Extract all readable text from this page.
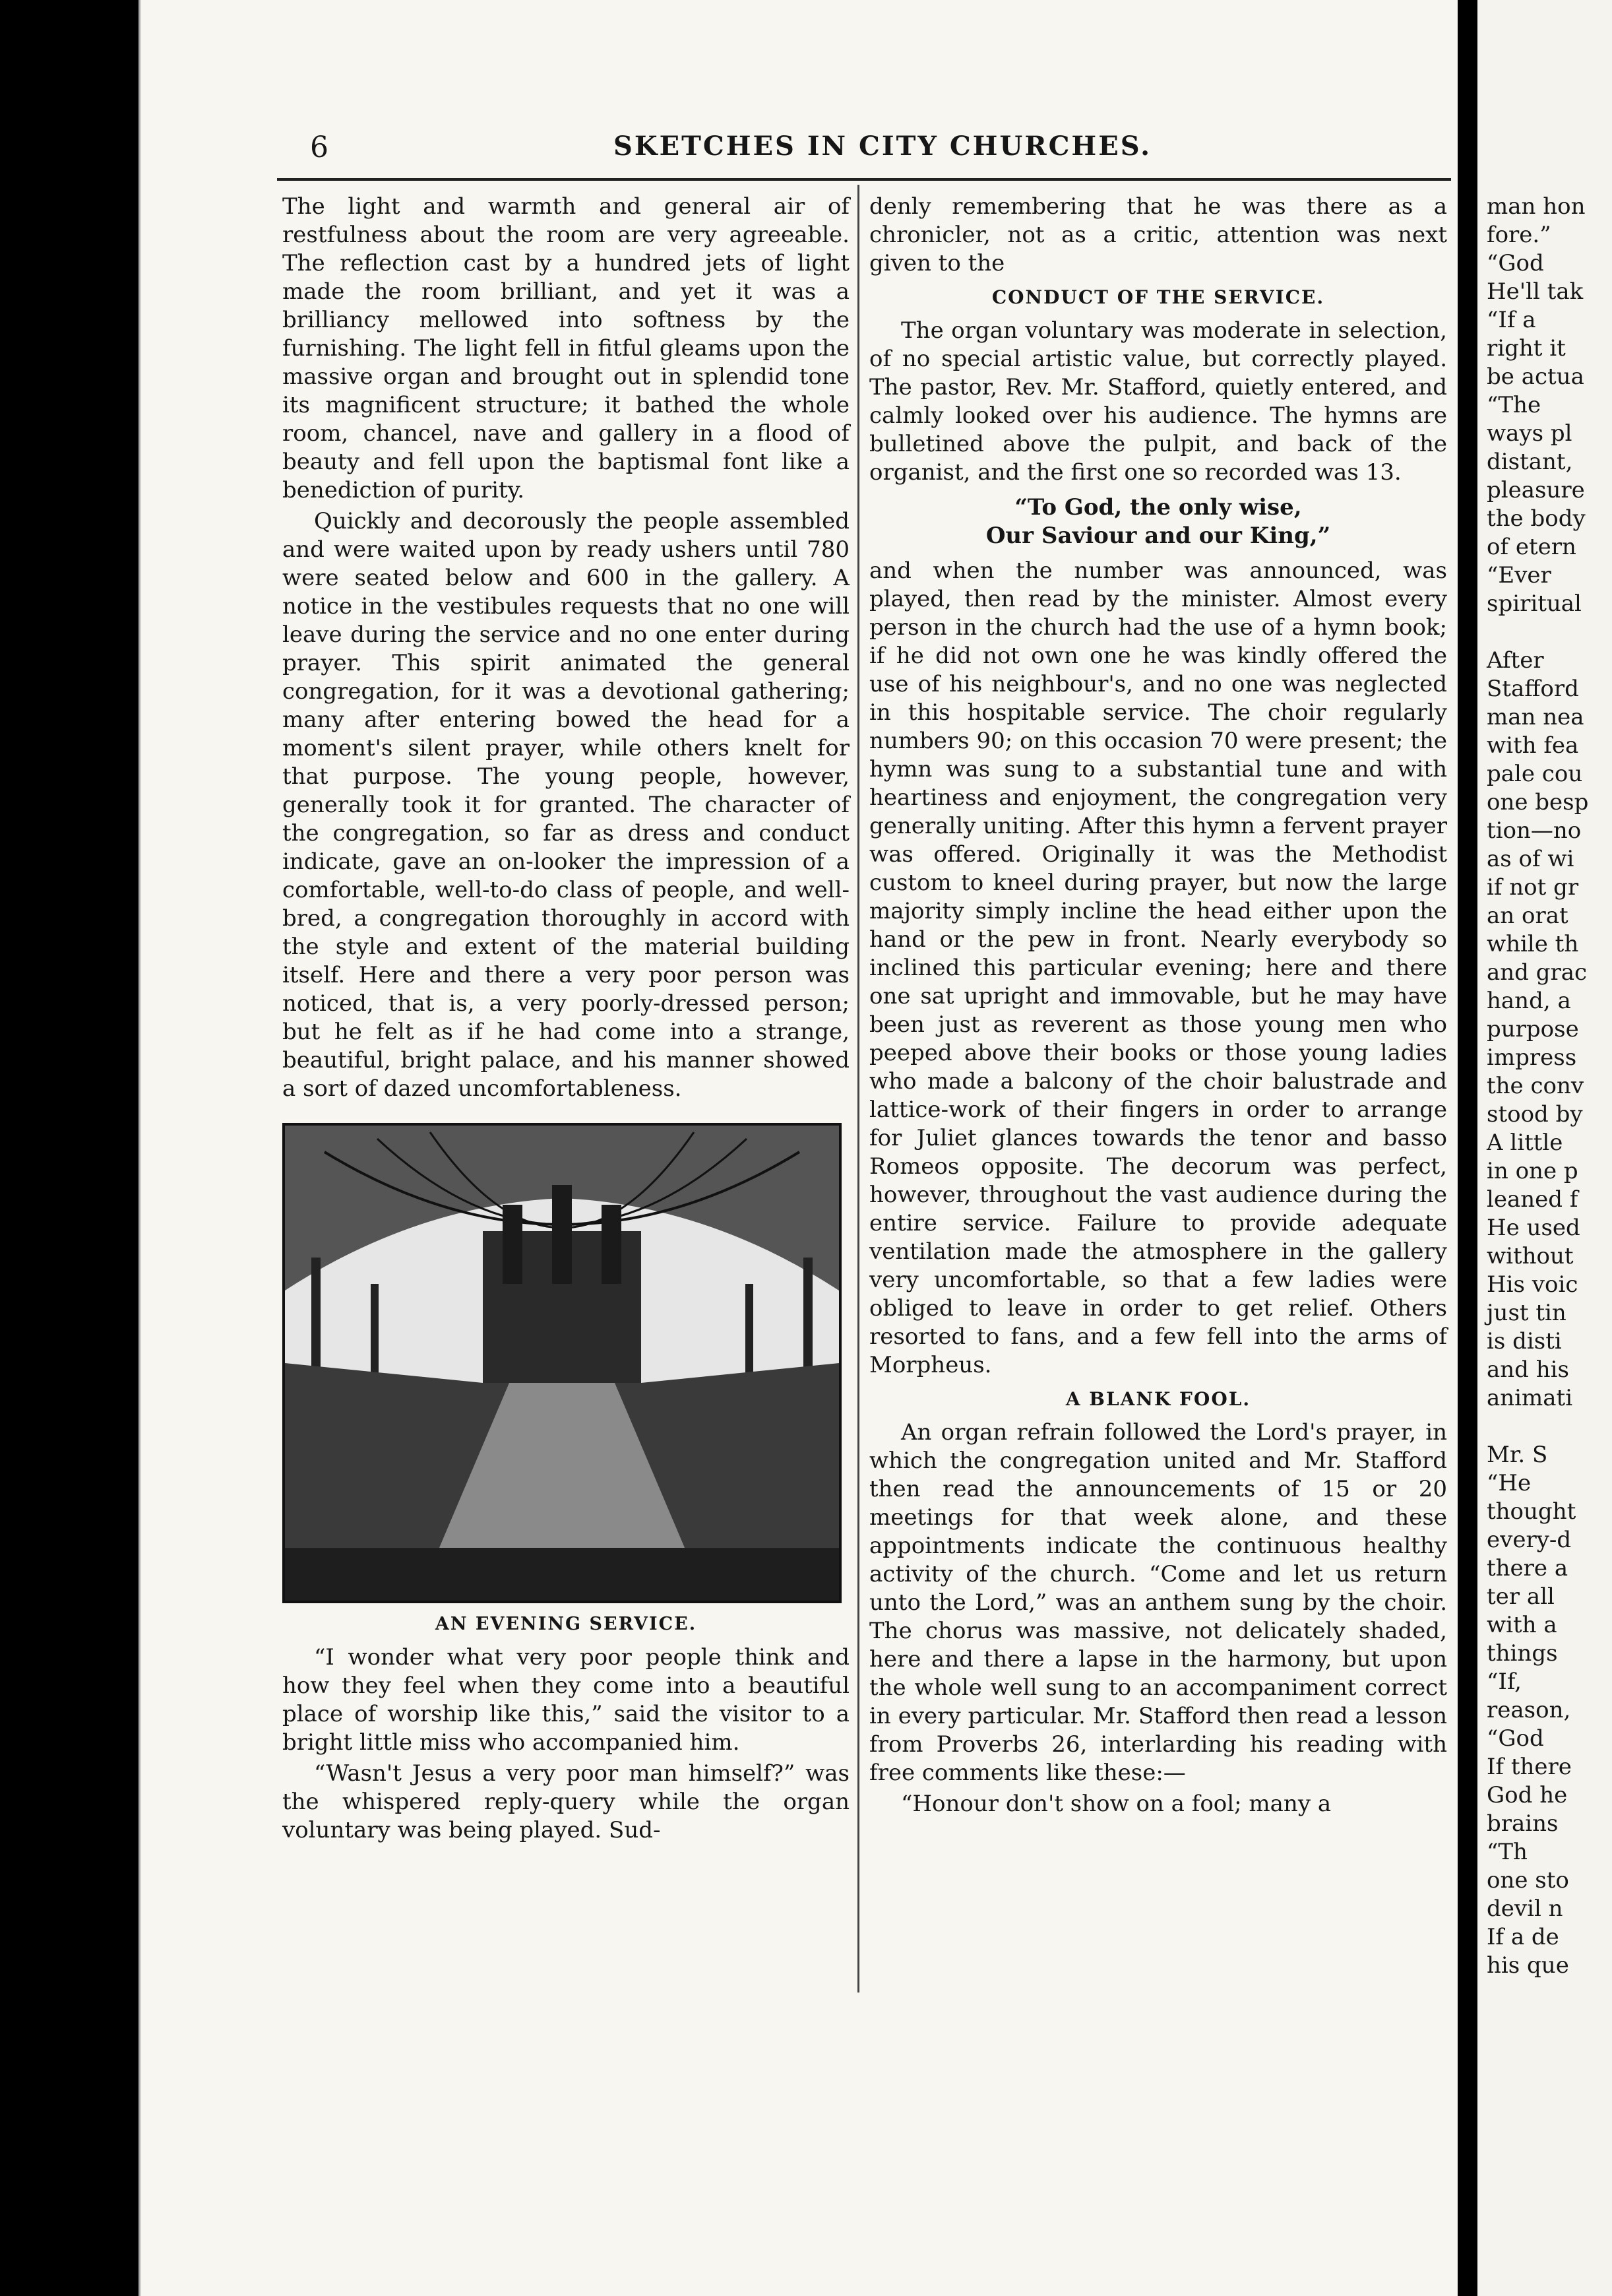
6	SKETCHES IN CITY CHURCHES.

The light and warmth and general air of restfulness about the room are very agreeable. The reflection cast by a hundred jets of light made the room brilliant, and yet it was a brilliancy mellowed into softness by the furnishing. The light fell in fitful gleams upon the massive organ and brought out in splendid tone its magnificent structure; it bathed the whole room, chancel, nave and gallery in a flood of beauty and fell upon the baptismal font like a benediction of purity.

Quickly and decorously the people assembled and were waited upon by ready ushers until 780 were seated below and 600 in the gallery. A notice in the vestibules requests that no one will leave during the service and no one enter during prayer. This spirit animated the general congregation, for it was a devotional gathering; many after entering bowed the head for a moment's silent prayer, while others knelt for that purpose. The young people, however, generally took it for granted. The character of the congregation, so far as dress and conduct indicate, gave an on-looker the impression of a comfortable, well-to-do class of people, and well-bred, a congregation thoroughly in accord with the style and extent of the material building itself. Here and there a very poor person was noticed, that is, a very poorly-dressed person; but he felt as if he had come into a strange, beautiful, bright palace, and his manner showed a sort of dazed uncomfortableness.

AN EVENING SERVICE.

“I wonder what very poor people think and how they feel when they come into a beautiful place of worship like this,” said the visitor to a bright little miss who accompanied him.

“Wasn't Jesus a very poor man himself?” was the whispered reply-query while the organ voluntary was being played. Sud-

denly remembering that he was there as a chronicler, not as a critic, attention was next given to the

CONDUCT OF THE SERVICE.

The organ voluntary was moderate in selection, of no special artistic value, but correctly played. The pastor, Rev. Mr. Stafford, quietly entered, and calmly looked over his audience. The hymns are bulletined above the pulpit, and back of the organist, and the first one so recorded was 13.

“To God, the only wise,
Our Saviour and our King,”

and when the number was announced, was played, then read by the minister. Almost every person in the church had the use of a hymn book; if he did not own one he was kindly offered the use of his neighbour's, and no one was neglected in this hospitable service. The choir regularly numbers 90; on this occasion 70 were present; the hymn was sung to a substantial tune and with heartiness and enjoyment, the congregation very generally uniting. After this hymn a fervent prayer was offered. Originally it was the Methodist custom to kneel during prayer, but now the large majority simply incline the head either upon the hand or the pew in front. Nearly everybody so inclined this particular evening; here and there one sat upright and immovable, but he may have been just as reverent as those young men who peeped above their books or those young ladies who made a balcony of the choir balustrade and lattice-work of their fingers in order to arrange for Juliet glances towards the tenor and basso Romeos opposite. The decorum was perfect, however, throughout the vast audience during the entire service. Failure to provide adequate ventilation made the atmosphere in the gallery very uncomfortable, so that a few ladies were obliged to leave in order to get relief. Others resorted to fans, and a few fell into the arms of Morpheus.

A BLANK FOOL.

An organ refrain followed the Lord's prayer, in which the congregation united and Mr. Stafford then read the announcements of 15 or 20 meetings for that week alone, and these appointments indicate the continuous healthy activity of the church. “Come and let us return unto the Lord,” was an anthem sung by the choir. The chorus was massive, not delicately shaded, here and there a lapse in the harmony, but upon the whole well sung to an accompaniment correct in every particular. Mr. Stafford then read a lesson from Proverbs 26, interlarding his reading with free comments like these:—

“Honour don't show on a fool; many a

man hon
fore.”
“God
He'll tak
“If a
right it
be actua
“The
ways pl
distant,
pleasure
the body
of etern
“Ever
spiritual

After
Stafford
man nea
with fea
pale cou
one besp
tion—no
as of wi
if not gr
an orat
while th
and grac
hand, a
purpose
impress
the conv
stood by
A little
in one p
leaned f
He used
without
His voic
just tin
is disti
and his
animati

Mr. S
“He
thought
every-d
there a
ter all
with a
things
“If,
reason,
“God
If there
God he
brains
“Th
one sto
devil n
If a de
his que
